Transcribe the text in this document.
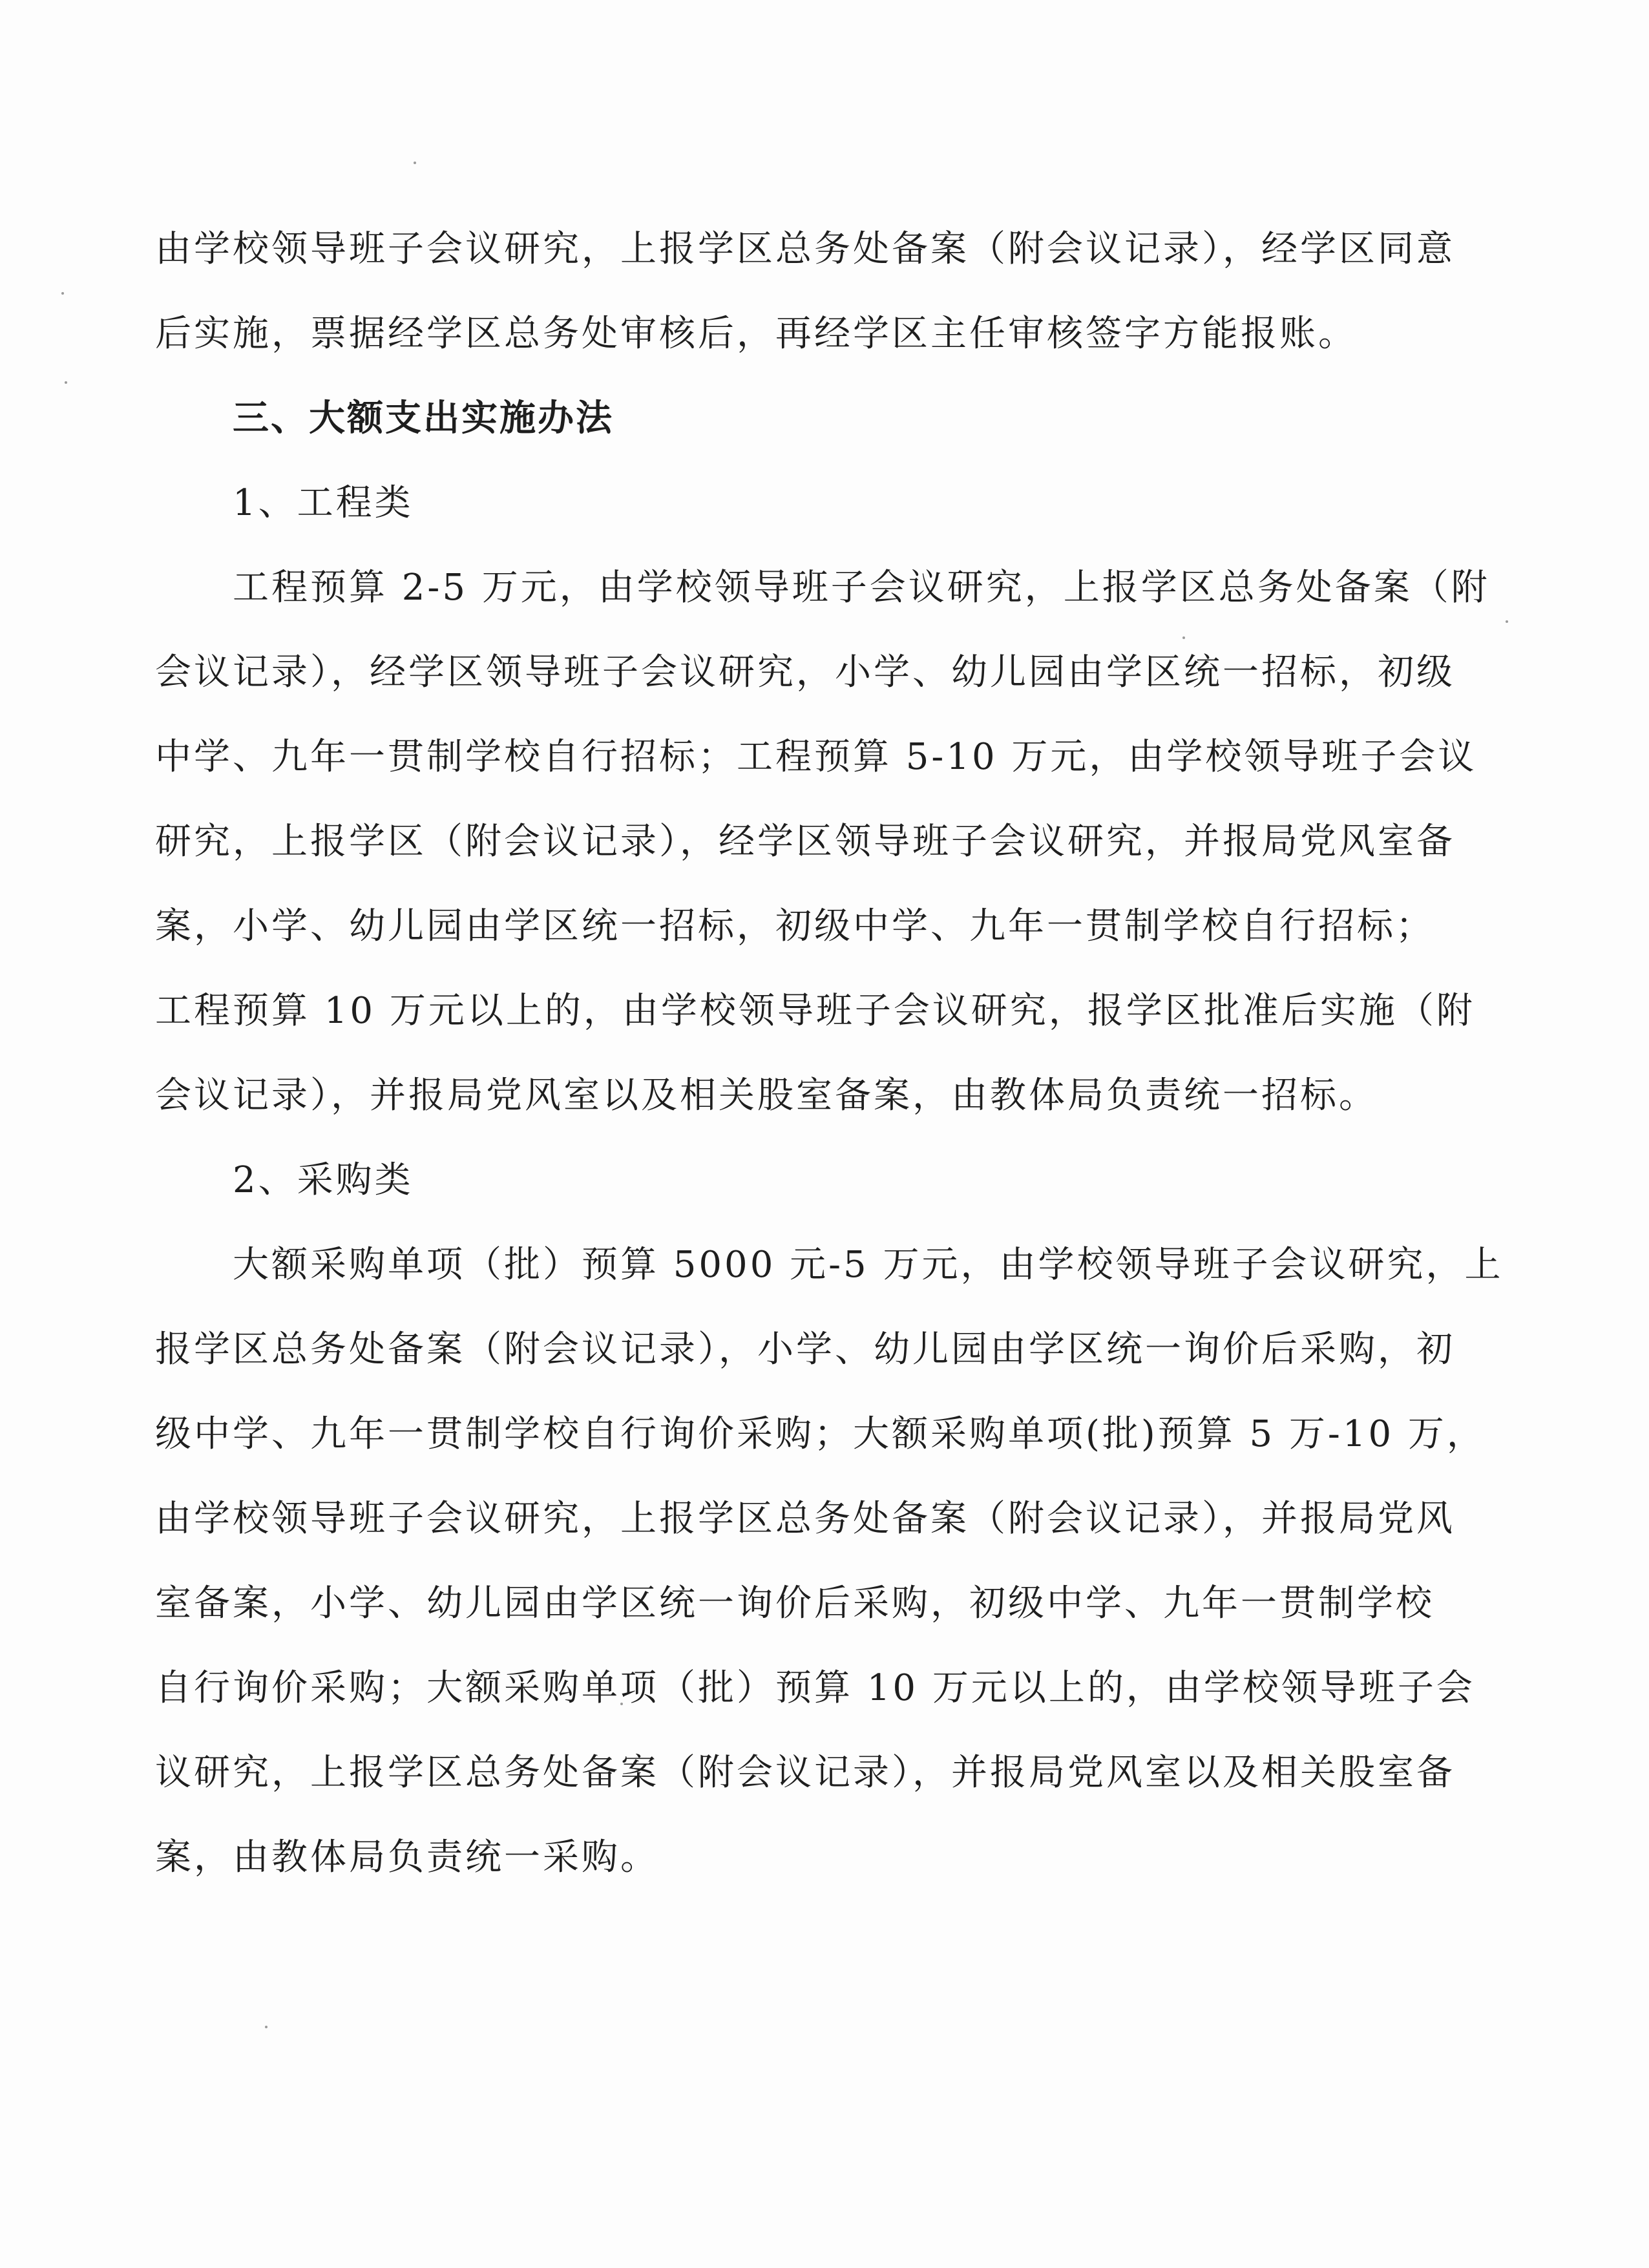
由学校领导班子会议研究，上报学区总务处备案（附会议记录），经学区同意
后实施，票据经学区总务处审核后，再经学区主任审核签字方能报账。
三、大额支出实施办法
1、工程类
工程预算 2-5 万元，由学校领导班子会议研究，上报学区总务处备案（附
会议记录），经学区领导班子会议研究，小学、幼儿园由学区统一招标，初级
中学、九年一贯制学校自行招标；工程预算 5-10 万元，由学校领导班子会议
研究，上报学区（附会议记录），经学区领导班子会议研究，并报局党风室备
案，小学、幼儿园由学区统一招标，初级中学、九年一贯制学校自行招标；
工程预算 10 万元以上的，由学校领导班子会议研究，报学区批准后实施（附
会议记录），并报局党风室以及相关股室备案，由教体局负责统一招标。
2、采购类
大额采购单项（批）预算 5000 元-5 万元，由学校领导班子会议研究，上
报学区总务处备案（附会议记录），小学、幼儿园由学区统一询价后采购，初
级中学、九年一贯制学校自行询价采购；大额采购单项(批)预算 5 万-10 万，
由学校领导班子会议研究，上报学区总务处备案（附会议记录），并报局党风
室备案，小学、幼儿园由学区统一询价后采购，初级中学、九年一贯制学校
自行询价采购；大额采购单项（批）预算 10 万元以上的，由学校领导班子会
议研究，上报学区总务处备案（附会议记录），并报局党风室以及相关股室备
案，由教体局负责统一采购。
